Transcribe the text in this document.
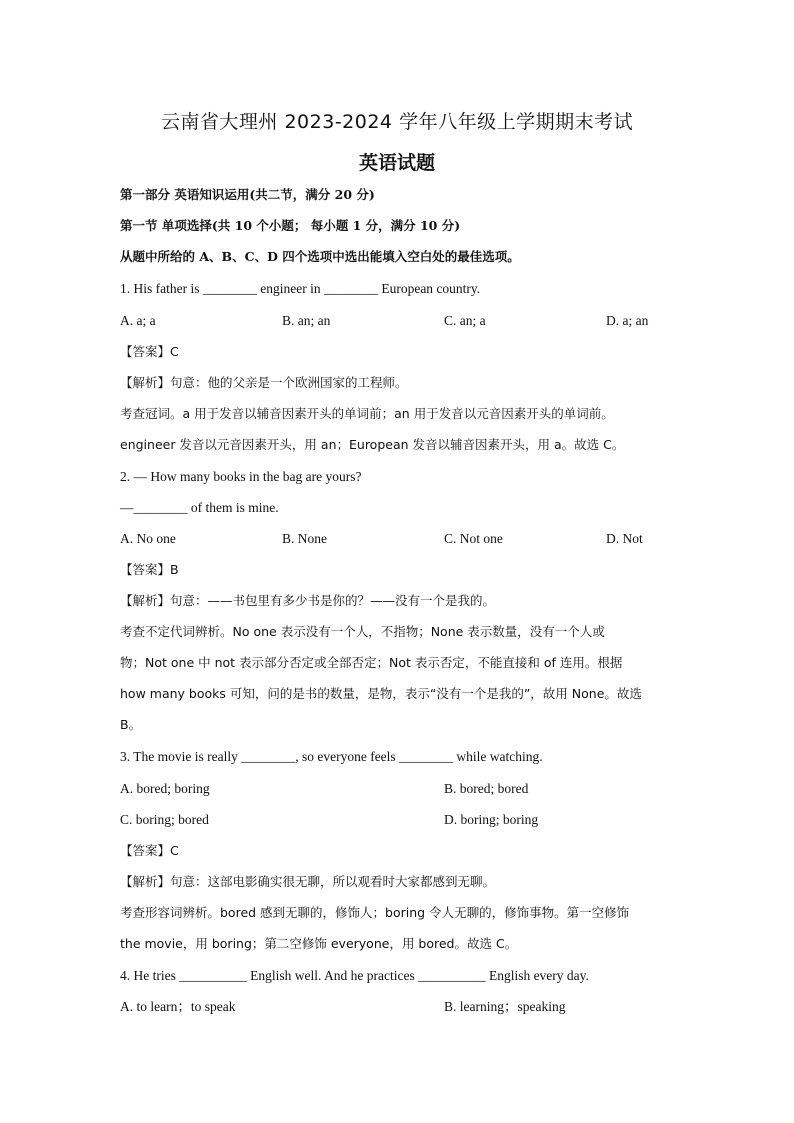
云南省大理州 2023-2024 学年八年级上学期期末考试
英语试题
第一部分 英语知识运用(共二节，满分 20 分)
第一节 单项选择(共 10 个小题； 每小题 1 分，满分 10 分)
从题中所给的 A、B、C、D 四个选项中选出能填入空白处的最佳选项。
1. His father is ________ engineer in ________ European country.
A. a; a	B. an; an	C. an; a	D. a; an
【答案】C
【解析】句意：他的父亲是一个欧洲国家的工程师。
考查冠词。a 用于发音以辅音因素开头的单词前；an 用于发音以元音因素开头的单词前。
engineer 发音以元音因素开头，用 an；European 发音以辅音因素开头，用 a。故选 C。
2. — How many books in the bag are yours?
—________ of them is mine.
A. No one	B. None	C. Not one	D. Not
【答案】B
【解析】句意：——书包里有多少书是你的？——没有一个是我的。
考查不定代词辨析。No one 表示没有一个人，不指物；None 表示数量，没有一个人或
物；Not one 中 not 表示部分否定或全部否定；Not 表示否定，不能直接和 of 连用。根据
how many books 可知，问的是书的数量，是物，表示“没有一个是我的”，故用 None。故选
B。
3. The movie is really ________, so everyone feels ________ while watching.
A. bored; boring	B. bored; bored
C. boring; bored	D. boring; boring
【答案】C
【解析】句意：这部电影确实很无聊，所以观看时大家都感到无聊。
考查形容词辨析。bored 感到无聊的，修饰人；boring 令人无聊的，修饰事物。第一空修饰
the movie，用 boring；第二空修饰 everyone，用 bored。故选 C。
4. He tries __________ English well. And he practices __________ English every day.
A. to learn；to speak	B. learning；speaking
